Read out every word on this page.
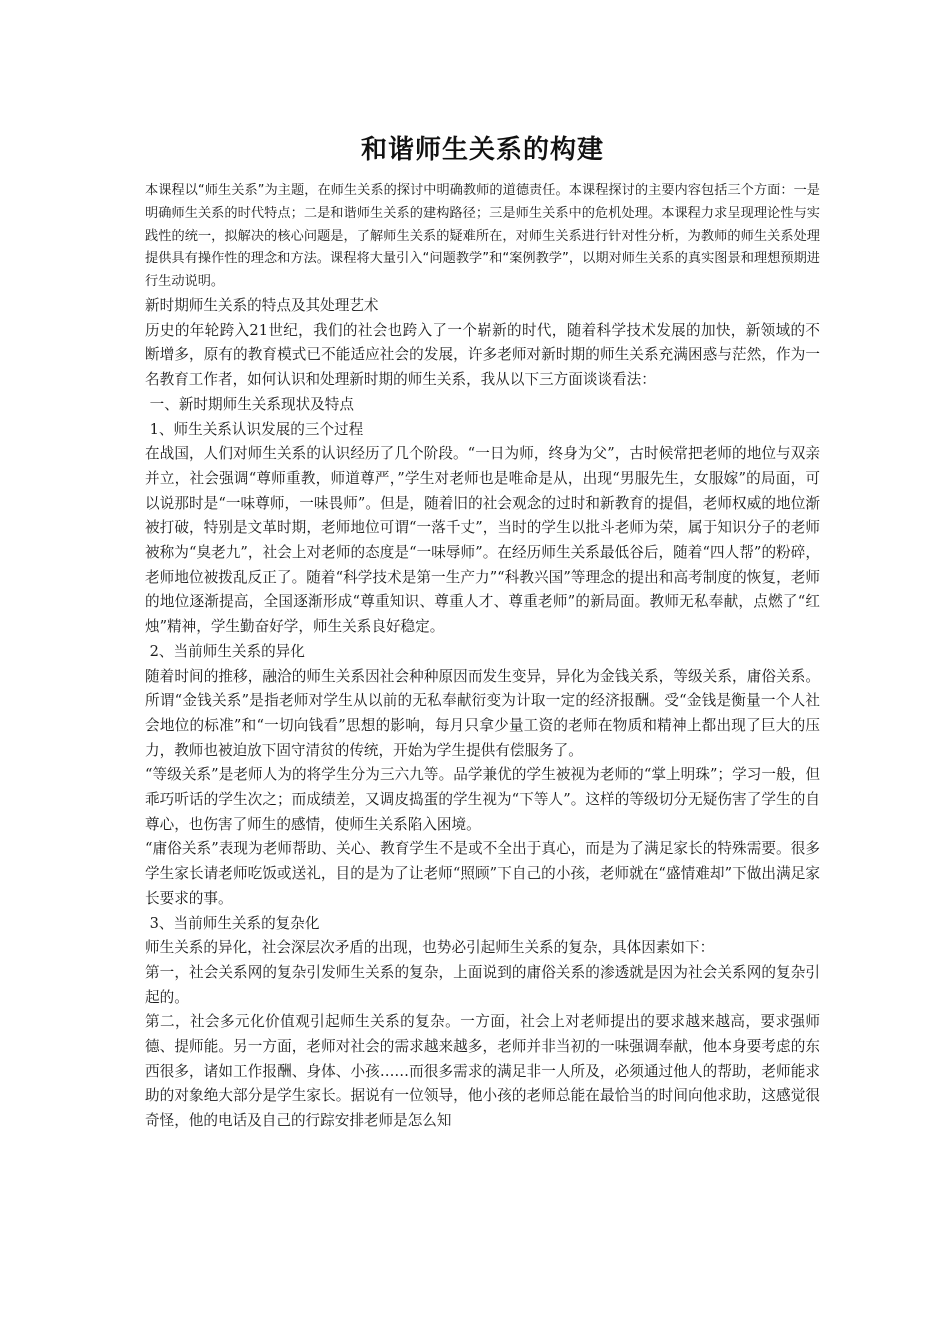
和谐师生关系的构建

本课程以“师生关系”为主题，在师生关系的探讨中明确教师的道德责任。本课程探讨的主要内容包括三个方面：一是明确师生关系的时代特点；二是和谐师生关系的建构路径；三是师生关系中的危机处理。本课程力求呈现理论性与实践性的统一，拟解决的核心问题是，了解师生关系的疑难所在，对师生关系进行针对性分析，为教师的师生关系处理提供具有操作性的理念和方法。课程将大量引入“问题教学”和“案例教学”，以期对师生关系的真实图景和理想预期进行生动说明。

新时期师生关系的特点及其处理艺术

历史的年轮跨入21世纪，我们的社会也跨入了一个崭新的时代，随着科学技术发展的加快，新领域的不断增多，原有的教育模式已不能适应社会的发展，许多老师对新时期的师生关系充满困惑与茫然，作为一名教育工作者，如何认识和处理新时期的师生关系，我从以下三方面谈谈看法：

一、新时期师生关系现状及特点

1、师生关系认识发展的三个过程

在战国，人们对师生关系的认识经历了几个阶段。“一日为师，终身为父”，古时候常把老师的地位与双亲并立，社会强调“尊师重教，师道尊严，”学生对老师也是唯命是从，出现“男服先生，女服嫁”的局面，可以说那时是“一味尊师，一味畏师”。但是，随着旧的社会观念的过时和新教育的提倡，老师权威的地位渐被打破，特别是文革时期，老师地位可谓“一落千丈”，当时的学生以批斗老师为荣，属于知识分子的老师被称为“臭老九”，社会上对老师的态度是“一味辱师”。在经历师生关系最低谷后，随着“四人帮”的粉碎，老师地位被拨乱反正了。随着“科学技术是第一生产力”“科教兴国”等理念的提出和高考制度的恢复，老师的地位逐渐提高，全国逐渐形成“尊重知识、尊重人才、尊重老师”的新局面。教师无私奉献，点燃了“红烛”精神，学生勤奋好学，师生关系良好稳定。

2、当前师生关系的异化

随着时间的推移，融洽的师生关系因社会种种原因而发生变异，异化为金钱关系，等级关系，庸俗关系。所谓“金钱关系”是指老师对学生从以前的无私奉献衍变为计取一定的经济报酬。受“金钱是衡量一个人社会地位的标准”和“一切向钱看”思想的影响，每月只拿少量工资的老师在物质和精神上都出现了巨大的压力，教师也被迫放下固守清贫的传统，开始为学生提供有偿服务了。

“等级关系”是老师人为的将学生分为三六九等。品学兼优的学生被视为老师的“掌上明珠”；学习一般，但乖巧听话的学生次之；而成绩差，又调皮捣蛋的学生视为“下等人”。这样的等级切分无疑伤害了学生的自尊心，也伤害了师生的感情，使师生关系陷入困境。

“庸俗关系”表现为老师帮助、关心、教育学生不是或不全出于真心，而是为了满足家长的特殊需要。很多学生家长请老师吃饭或送礼，目的是为了让老师“照顾”下自己的小孩，老师就在“盛情难却”下做出满足家长要求的事。

3、当前师生关系的复杂化

师生关系的异化，社会深层次矛盾的出现，也势必引起师生关系的复杂，具体因素如下：

第一，社会关系网的复杂引发师生关系的复杂，上面说到的庸俗关系的渗透就是因为社会关系网的复杂引起的。

第二，社会多元化价值观引起师生关系的复杂。一方面，社会上对老师提出的要求越来越高，要求强师德、提师能。另一方面，老师对社会的需求越来越多，老师并非当初的一味强调奉献，他本身要考虑的东西很多，诸如工作报酬、身体、小孩……而很多需求的满足非一人所及，必须通过他人的帮助，老师能求助的对象绝大部分是学生家长。据说有一位领导，他小孩的老师总能在最恰当的时间向他求助，这感觉很奇怪，他的电话及自己的行踪安排老师是怎么知
